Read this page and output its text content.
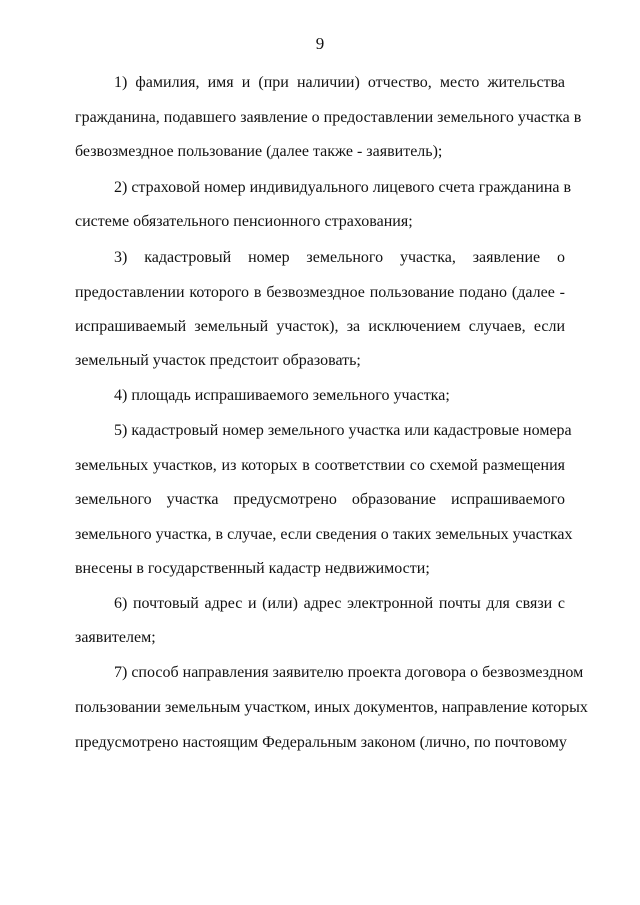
9
1) фамилия, имя и (при наличии) отчество, место жительства
гражданина, подавшего заявление о предоставлении земельного участка в
безвозмездное пользование (далее также - заявитель);
2) страховой номер индивидуального лицевого счета гражданина в
системе обязательного пенсионного страхования;
3) кадастровый номер земельного участка, заявление о
предоставлении которого в безвозмездное пользование подано (далее -
испрашиваемый земельный участок), за исключением случаев, если
земельный участок предстоит образовать;
4) площадь испрашиваемого земельного участка;
5) кадастровый номер земельного участка или кадастровые номера
земельных участков, из которых в соответствии со схемой размещения
земельного участка предусмотрено образование испрашиваемого
земельного участка, в случае, если сведения о таких земельных участках
внесены в государственный кадастр недвижимости;
6) почтовый адрес и (или) адрес электронной почты для связи с
заявителем;
7) способ направления заявителю проекта договора о безвозмездном
пользовании земельным участком, иных документов, направление которых
предусмотрено настоящим Федеральным законом (лично, по почтовому
